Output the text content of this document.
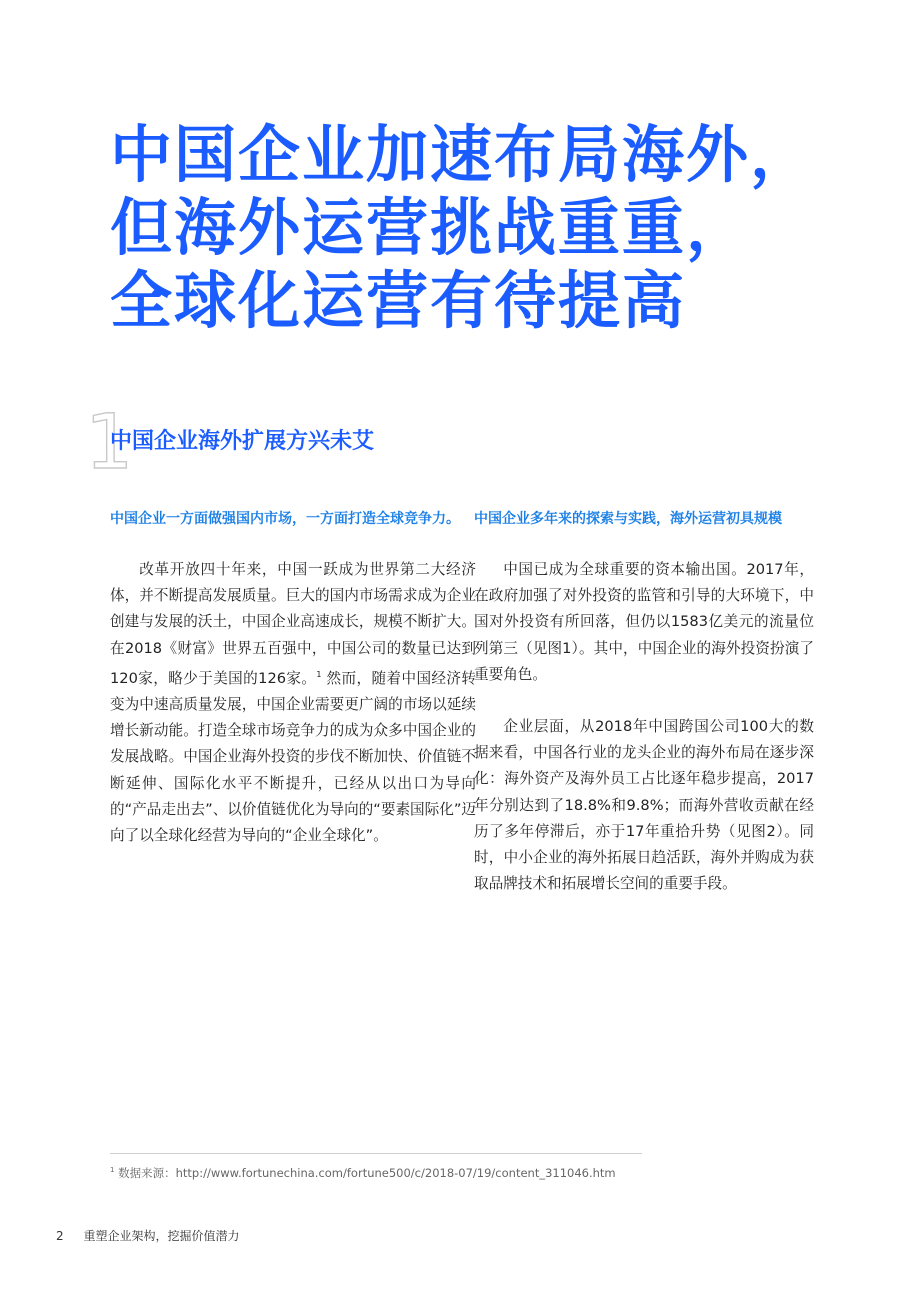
中国企业加速布局海外，
但海外运营挑战重重，
全球化运营有待提高
1
中国企业海外扩展方兴未艾

中国企业一方面做强国内市场，一方面打造全球竞争力。

改革开放四十年来，中国一跃成为世界第二大经济体，并不断提高发展质量。巨大的国内市场需求成为企业创建与发展的沃土，中国企业高速成长，规模不断扩大。在2018《财富》世界五百强中，中国公司的数量已达到120家，略少于美国的126家。$^1$ 然而，随着中国经济转变为中速高质量发展，中国企业需要更广阔的市场以延续增长新动能。打造全球市场竞争力的成为众多中国企业的发展战略。中国企业海外投资的步伐不断加快、价值链不断延伸、国际化水平不断提升，已经从以出口为导向的“产品走出去”、以价值链优化为导向的“要素国际化”迈向了以全球化经营为导向的“企业全球化”。

中国企业多年来的探索与实践，海外运营初具规模

中国已成为全球重要的资本输出国。2017年，在政府加强了对外投资的监管和引导的大环境下，中国对外投资有所回落，但仍以1583亿美元的流量位列第三（见图1）。其中，中国企业的海外投资扮演了重要角色。

企业层面，从2018年中国跨国公司100大的数据来看，中国各行业的龙头企业的海外布局在逐步深化：海外资产及海外员工占比逐年稳步提高，2017年分别达到了18.8%和9.8%；而海外营收贡献在经历了多年停滞后，亦于17年重拾升势（见图2）。同时，中小企业的海外拓展日趋活跃，海外并购成为获取品牌技术和拓展增长空间的重要手段。

$^1$ 数据来源：http://www.fortunechina.com/fortune500/c/2018-07/19/content_311046.htm

2 重塑企业架构，挖掘价值潜力
